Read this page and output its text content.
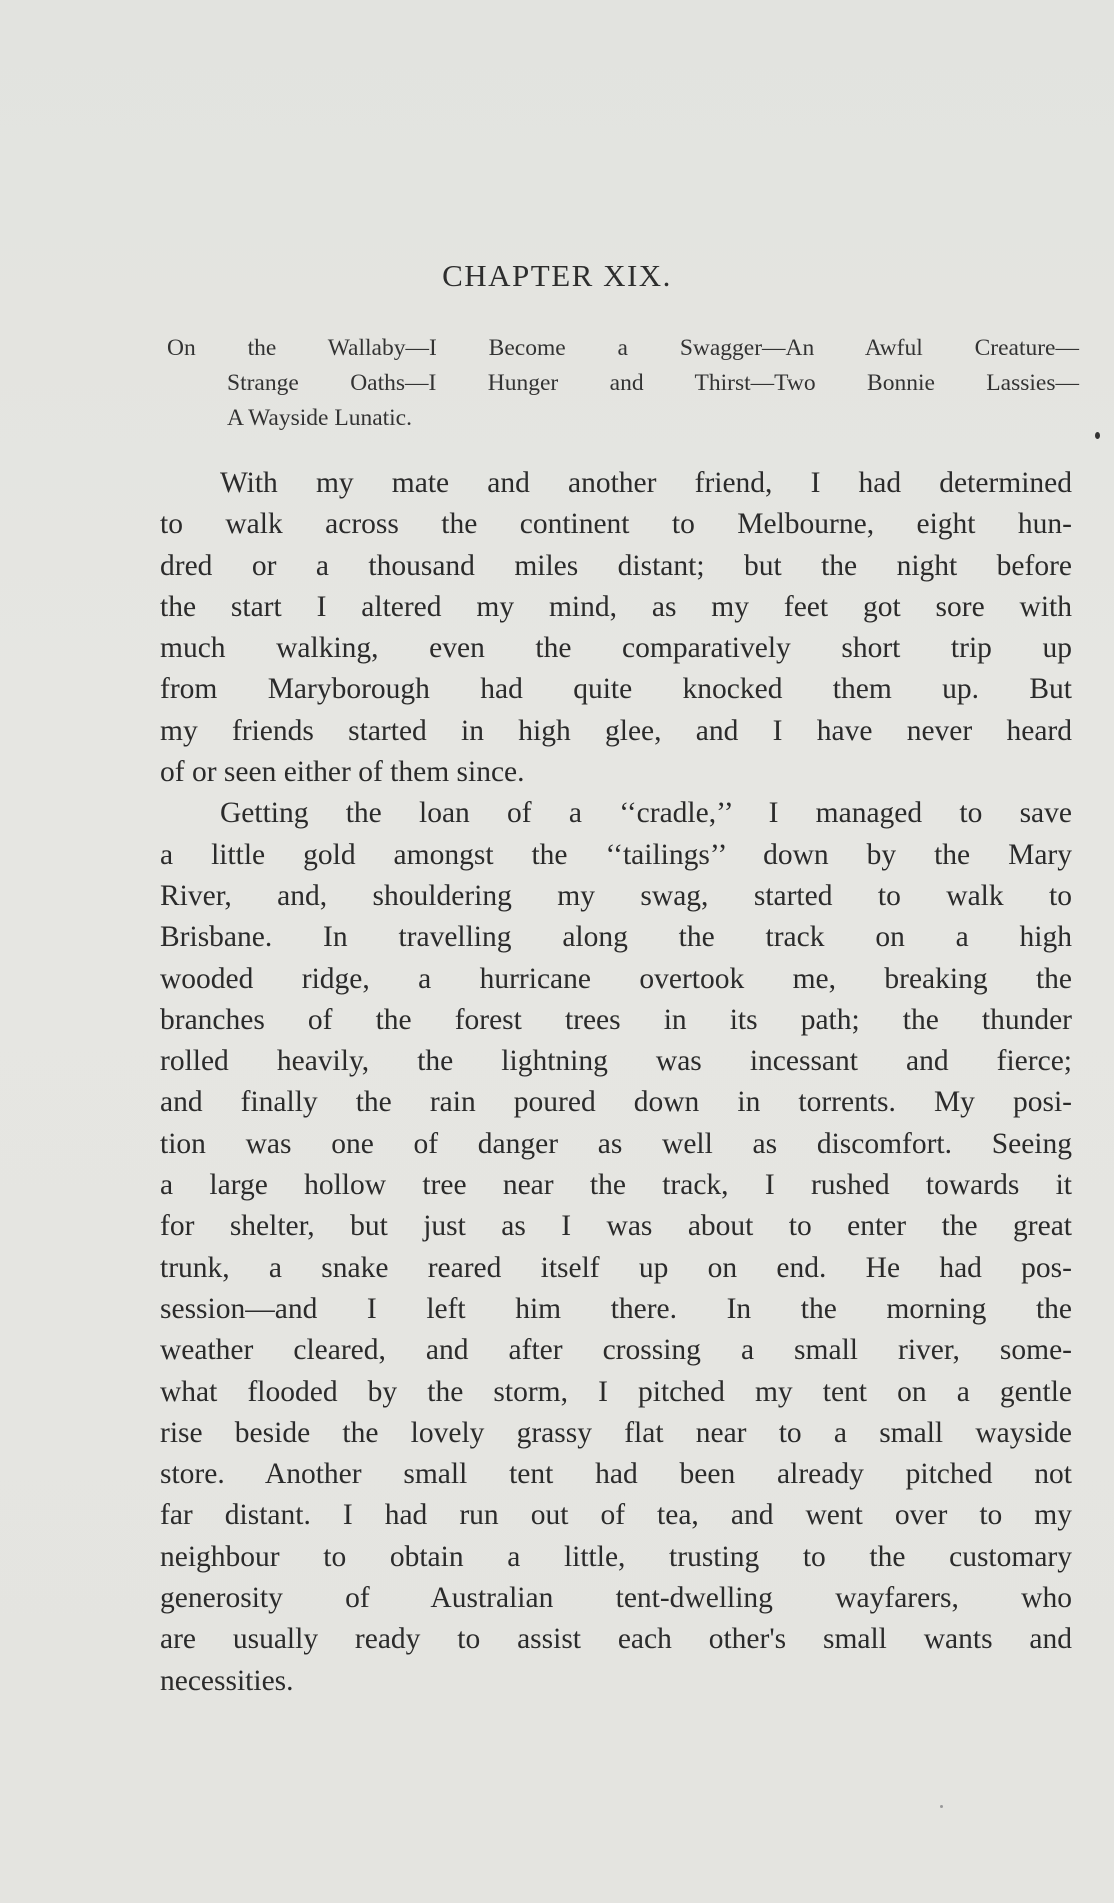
CHAPTER XIX.
On the Wallaby—I Become a Swagger—An Awful Creature—
Strange Oaths—I Hunger and Thirst—Two Bonnie Lassies—
A Wayside Lunatic.
With my mate and another friend, I had determined
to walk across the continent to Melbourne, eight hun-
dred or a thousand miles distant; but the night before
the start I altered my mind, as my feet got sore with
much walking, even the comparatively short trip up
from Maryborough had quite knocked them up. But
my friends started in high glee, and I have never heard
of or seen either of them since.
Getting the loan of a ‘‘cradle,’’ I managed to save
a little gold amongst the ‘‘tailings’’ down by the Mary
River, and, shouldering my swag, started to walk to
Brisbane. In travelling along the track on a high
wooded ridge, a hurricane overtook me, breaking the
branches of the forest trees in its path; the thunder
rolled heavily, the lightning was incessant and fierce;
and finally the rain poured down in torrents. My posi-
tion was one of danger as well as discomfort. Seeing
a large hollow tree near the track, I rushed towards it
for shelter, but just as I was about to enter the great
trunk, a snake reared itself up on end. He had pos-
session—and I left him there. In the morning the
weather cleared, and after crossing a small river, some-
what flooded by the storm, I pitched my tent on a gentle
rise beside the lovely grassy flat near to a small wayside
store. Another small tent had been already pitched not
far distant. I had run out of tea, and went over to my
neighbour to obtain a little, trusting to the customary
generosity of Australian tent-dwelling wayfarers, who
are usually ready to assist each other's small wants and
necessities.
